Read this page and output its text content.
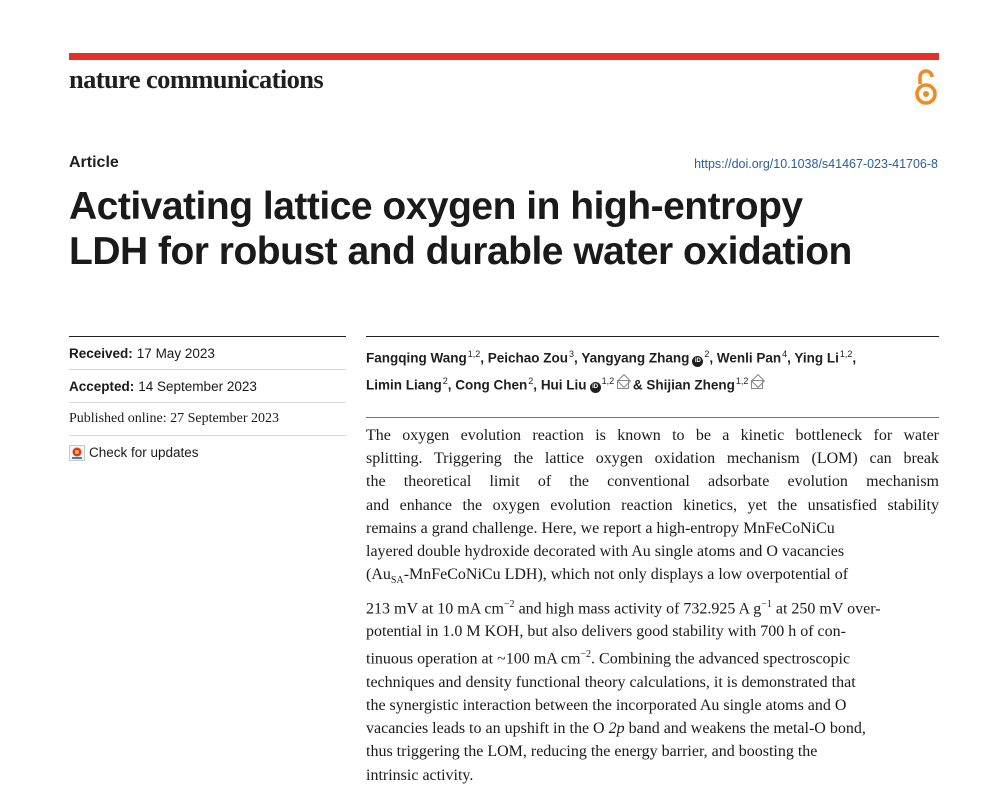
nature communications
Article	https://doi.org/10.1038/s41467-023-41706-8
Activating lattice oxygen in high-entropy
LDH for robust and durable water oxidation
Received: 17 May 2023
Accepted: 14 September 2023
Published online: 27 September 2023
Check for updates
Fangqing Wang$^{1,2}$, Peichao Zou$^3$, Yangyang Zhang $iD^2$, Wenli Pan$^4$, Ying Li$^{1,2}$,
Limin Liang$^2$, Cong Chen$^2$, Hui Liu iD$^{1,2}$ & Shijian Zheng$^{1,2}$
The oxygen evolution reaction is known to be a kinetic bottleneck for water
splitting. Triggering the lattice oxygen oxidation mechanism (LOM) can break
the theoretical limit of the conventional adsorbate evolution mechanism
and enhance the oxygen evolution reaction kinetics, yet the unsatisfied stability
remains a grand challenge. Here, we report a high-entropy MnFeCoNiCu
layered double hydroxide decorated with Au single atoms and O vacancies
($Au_{SA}$-MnFeCoNiCu LDH), which not only displays a low overpotential of
213 mV at 10 mA $cm^{-2}$ and high mass activity of 732.925 A $g^{-1}$ at 250 mV over-
potential in 1.0 M KOH, but also delivers good stability with 700 h of con-
tinuous operation at ~100 mA $cm^{-2}$. Combining the advanced spectroscopic
techniques and density functional theory calculations, it is demonstrated that
the synergistic interaction between the incorporated Au single atoms and O
vacancies leads to an upshift in the O 2p band and weakens the metal-O bond,
thus triggering the LOM, reducing the energy barrier, and boosting the
intrinsic activity.
